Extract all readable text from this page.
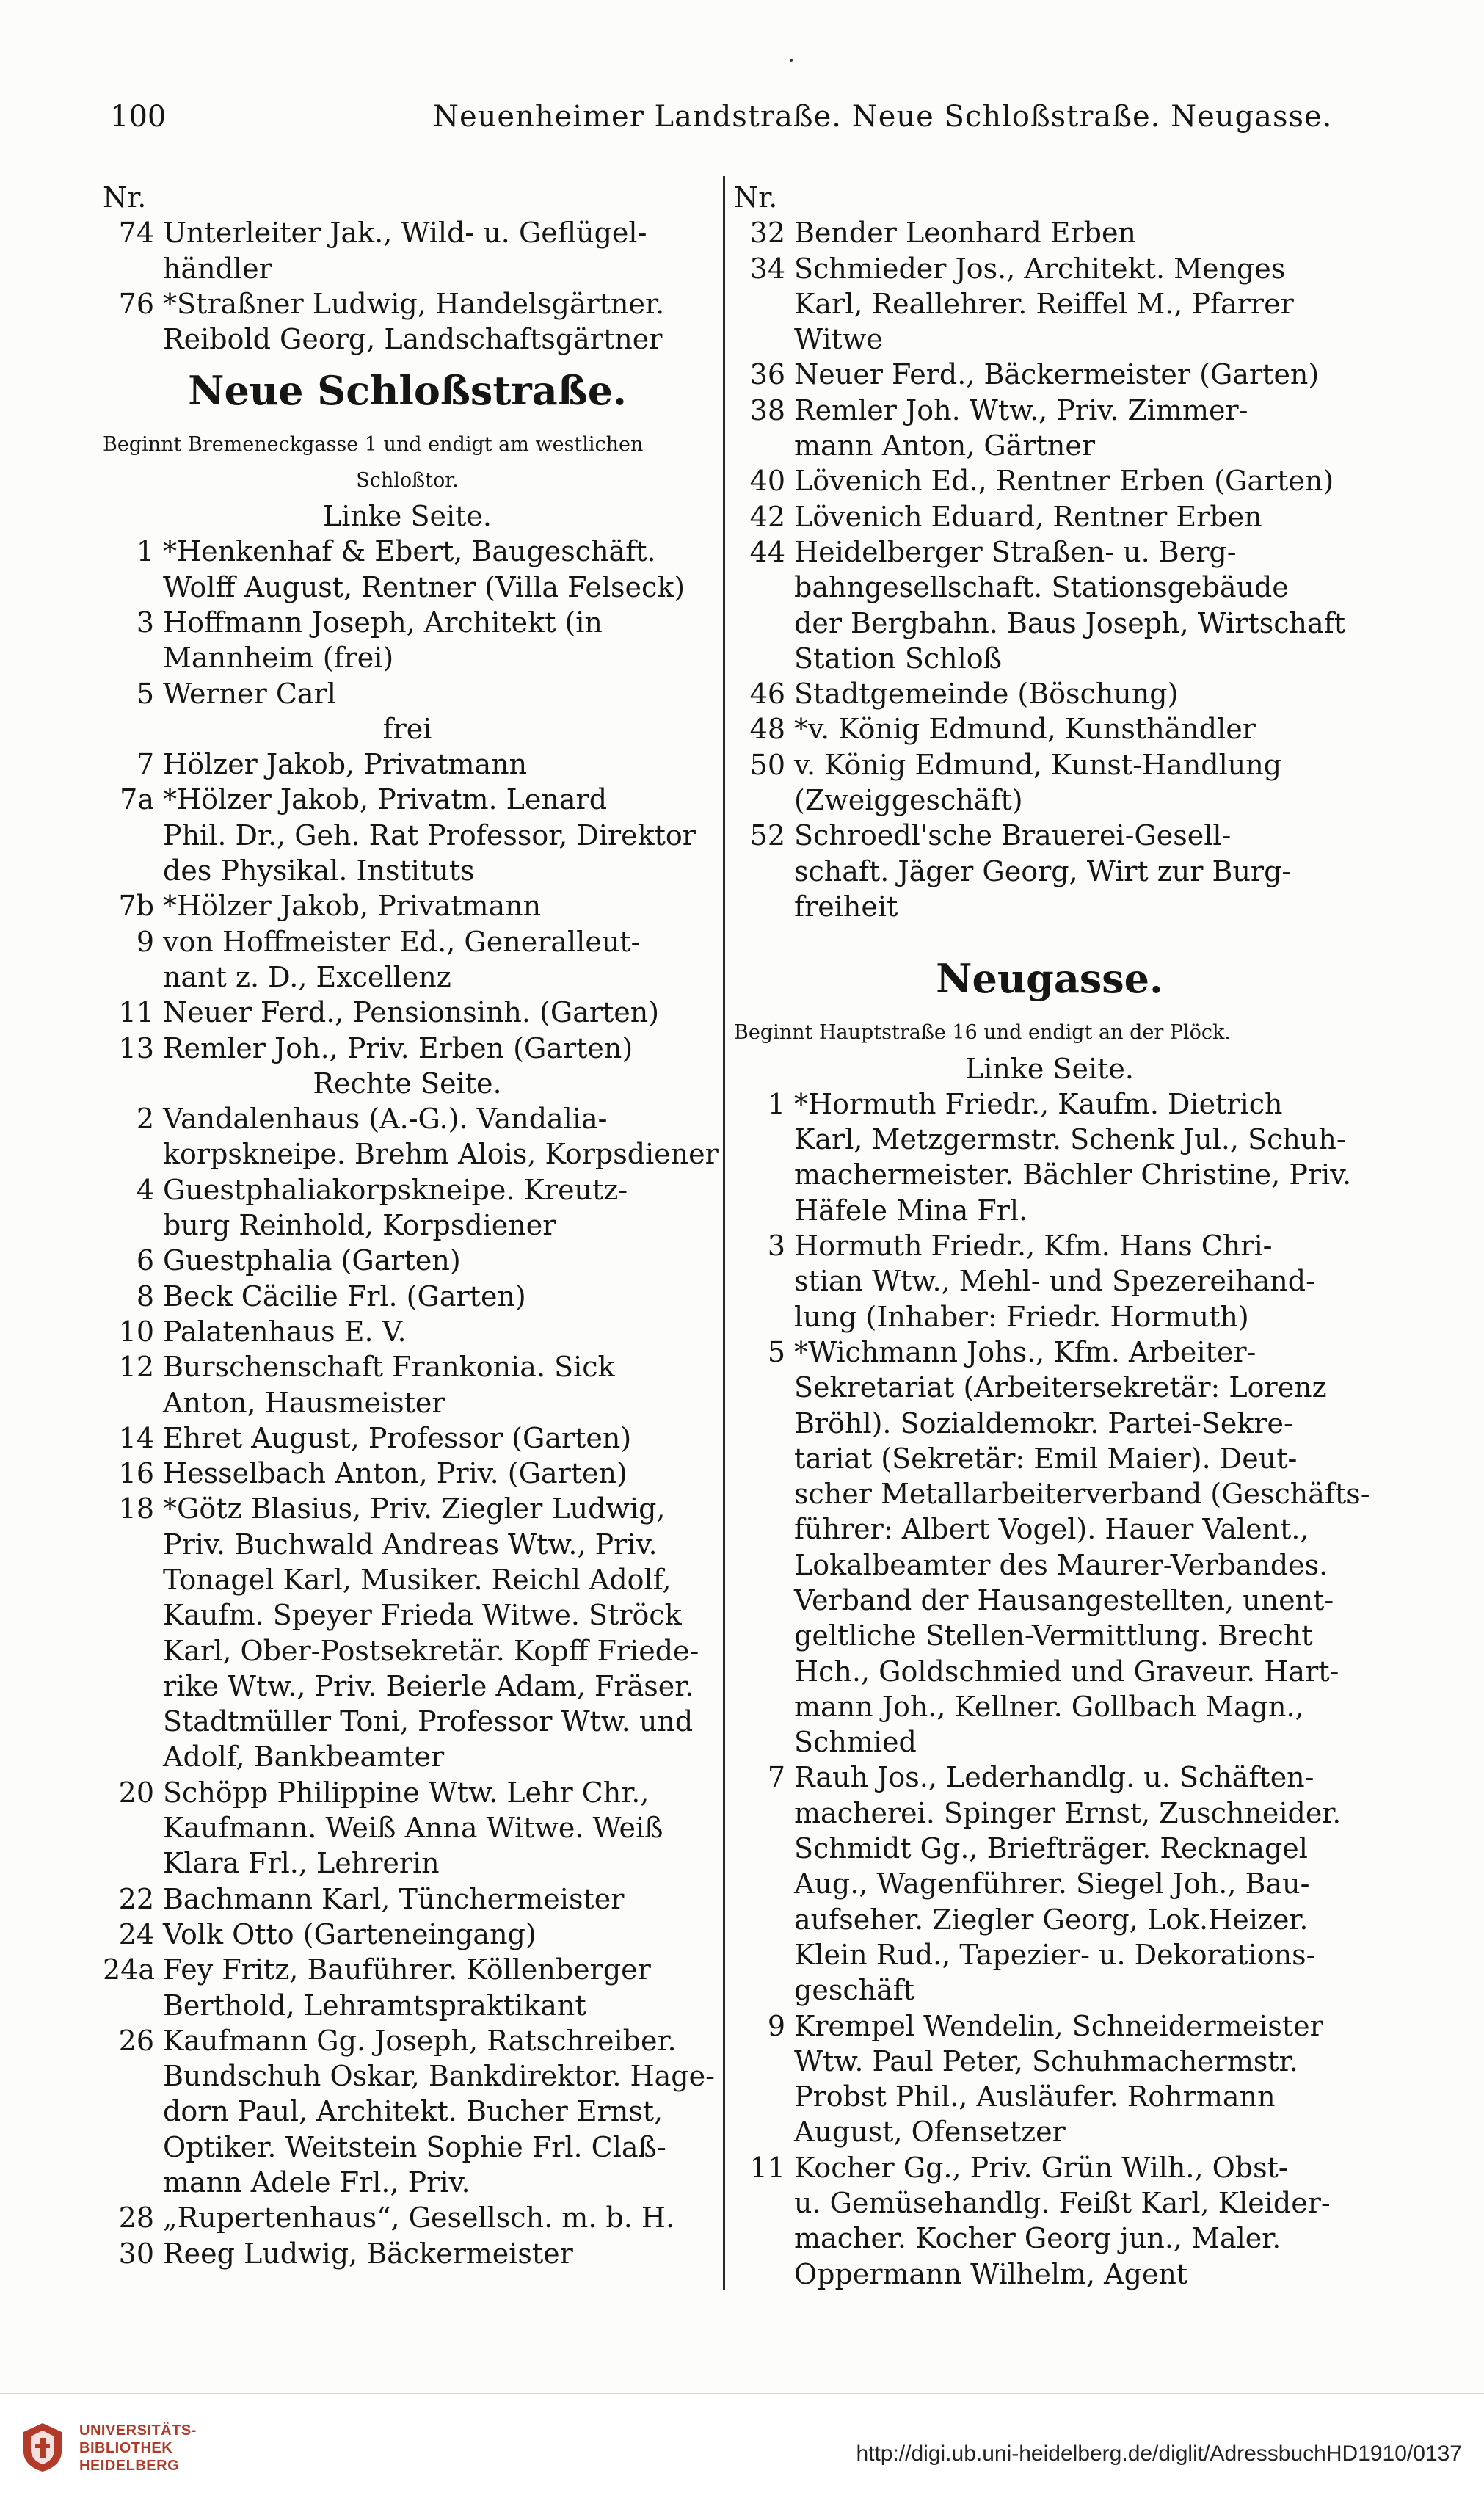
100	Neuenheimer Landstraße. Neue Schloßstraße. Neugasse.
Nr.
74 Unterleiter Jak., Wild- u. Geflügel-
händler
76 *Straßner Ludwig, Handelsgärtner.
Reibold Georg, Landschaftsgärtner
Neue Schloßstraße.
Beginnt Bremeneckgasse 1 und endigt am westlichen
Schloßtor.
Linke Seite.
1 *Henkenhaf & Ebert, Baugeschäft.
Wolff August, Rentner (Villa Felseck)
3 Hoffmann Joseph, Architekt (in
Mannheim (frei)
5 Werner Carl
frei
7 Hölzer Jakob, Privatmann
7a *Hölzer Jakob, Privatm. Lenard
Phil. Dr., Geh. Rat Professor, Direktor
des Physikal. Instituts
7b *Hölzer Jakob, Privatmann
9 von Hoffmeister Ed., Generalleut-
nant z. D., Excellenz
11 Neuer Ferd., Pensionsinh. (Garten)
13 Remler Joh., Priv. Erben (Garten)
Rechte Seite.
2 Vandalenhaus (A.-G.). Vandalia-
korpskneipe. Brehm Alois, Korpsdiener
4 Guestphaliakorpskneipe. Kreutz-
burg Reinhold, Korpsdiener
6 Guestphalia (Garten)
8 Beck Cäcilie Frl. (Garten)
10 Palatenhaus E. V.
12 Burschenschaft Frankonia. Sick
Anton, Hausmeister
14 Ehret August, Professor (Garten)
16 Hesselbach Anton, Priv. (Garten)
18 *Götz Blasius, Priv. Ziegler Ludwig,
Priv. Buchwald Andreas Wtw., Priv.
Tonagel Karl, Musiker. Reichl Adolf,
Kaufm. Speyer Frieda Witwe. Ströck
Karl, Ober-Postsekretär. Kopff Friede-
rike Wtw., Priv. Beierle Adam, Fräser.
Stadtmüller Toni, Professor Wtw. und
Adolf, Bankbeamter
20 Schöpp Philippine Wtw. Lehr Chr.,
Kaufmann. Weiß Anna Witwe. Weiß
Klara Frl., Lehrerin
22 Bachmann Karl, Tünchermeister
24 Volk Otto (Garteneingang)
24a Fey Fritz, Bauführer. Köllenberger
Berthold, Lehramtspraktikant
26 Kaufmann Gg. Joseph, Ratschreiber.
Bundschuh Oskar, Bankdirektor. Hage-
dorn Paul, Architekt. Bucher Ernst,
Optiker. Weitstein Sophie Frl. Claß-
mann Adele Frl., Priv.
28 „Rupertenhaus“, Gesellsch. m. b. H.
30 Reeg Ludwig, Bäckermeister
Nr.
32 Bender Leonhard Erben
34 Schmieder Jos., Architekt. Menges
Karl, Reallehrer. Reiffel M., Pfarrer
Witwe
36 Neuer Ferd., Bäckermeister (Garten)
38 Remler Joh. Wtw., Priv. Zimmer-
mann Anton, Gärtner
40 Lövenich Ed., Rentner Erben (Garten)
42 Lövenich Eduard, Rentner Erben
44 Heidelberger Straßen- u. Berg-
bahngesellschaft. Stationsgebäude
der Bergbahn. Baus Joseph, Wirtschaft
Station Schloß
46 Stadtgemeinde (Böschung)
48 *v. König Edmund, Kunsthändler
50 v. König Edmund, Kunst-Handlung
(Zweiggeschäft)
52 Schroedl'sche Brauerei-Gesell-
schaft. Jäger Georg, Wirt zur Burg-
freiheit
Neugasse.
Beginnt Hauptstraße 16 und endigt an der Plöck.
Linke Seite.
1 *Hormuth Friedr., Kaufm. Dietrich
Karl, Metzgermstr. Schenk Jul., Schuh-
machermeister. Bächler Christine, Priv.
Häfele Mina Frl.
3 Hormuth Friedr., Kfm. Hans Chri-
stian Wtw., Mehl- und Spezereihand-
lung (Inhaber: Friedr. Hormuth)
5 *Wichmann Johs., Kfm. Arbeiter-
Sekretariat (Arbeitersekretär: Lorenz
Bröhl). Sozialdemokr. Partei-Sekre-
tariat (Sekretär: Emil Maier). Deut-
scher Metallarbeiterverband (Geschäfts-
führer: Albert Vogel). Hauer Valent.,
Lokalbeamter des Maurer-Verbandes.
Verband der Hausangestellten, unent-
geltliche Stellen-Vermittlung. Brecht
Hch., Goldschmied und Graveur. Hart-
mann Joh., Kellner. Gollbach Magn.,
Schmied
7 Rauh Jos., Lederhandlg. u. Schäften-
macherei. Spinger Ernst, Zuschneider.
Schmidt Gg., Briefträger. Recknagel
Aug., Wagenführer. Siegel Joh., Bau-
aufseher. Ziegler Georg, Lok.Heizer.
Klein Rud., Tapezier- u. Dekorations-
geschäft
9 Krempel Wendelin, Schneidermeister
Wtw. Paul Peter, Schuhmachermstr.
Probst Phil., Ausläufer. Rohrmann
August, Ofensetzer
11 Kocher Gg., Priv. Grün Wilh., Obst-
u. Gemüsehandlg. Feißt Karl, Kleider-
macher. Kocher Georg jun., Maler.
Oppermann Wilhelm, Agent
UNIVERSITÄTS-
BIBLIOTHEK
HEIDELBERG	http://digi.ub.uni-heidelberg.de/diglit/AdressbuchHD1910/0137
